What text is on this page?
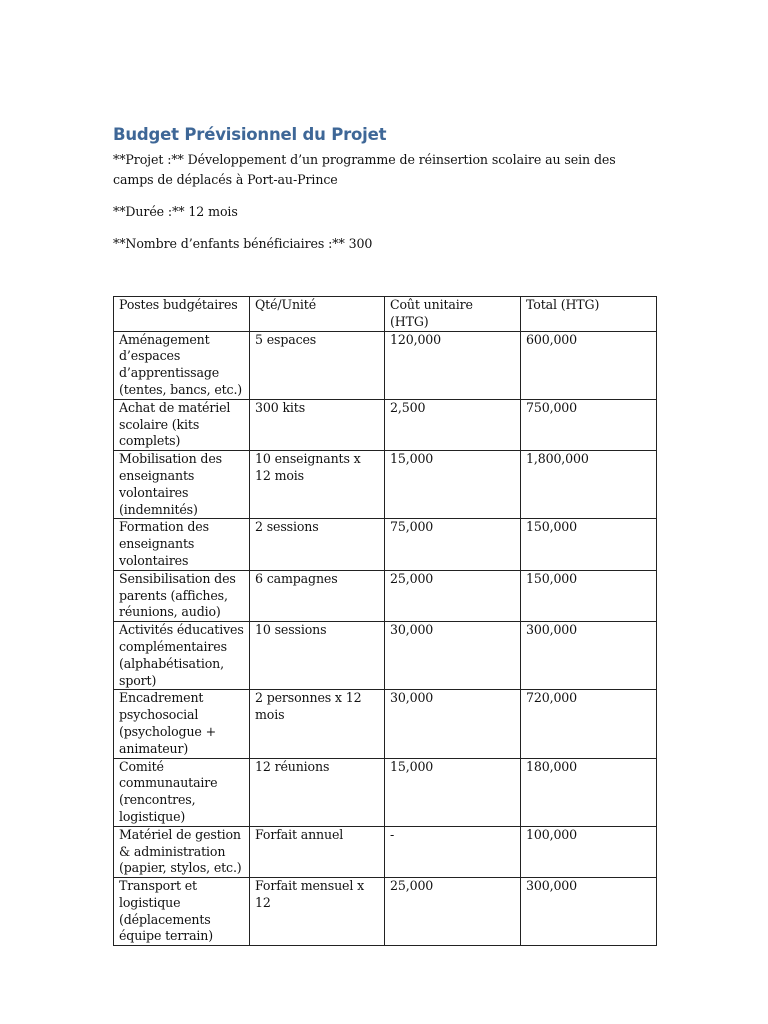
Budget Prévisionnel du Projet

**Projet :** Développement d’un programme de réinsertion scolaire au sein des camps de déplacés à Port-au-Prince

**Durée :** 12 mois

**Nombre d’enfants bénéficiaires :** 300

Postes budgétaires	Qté/Unité	Coût unitaire (HTG)	Total (HTG)
Aménagement d’espaces d’apprentissage (tentes, bancs, etc.)	5 espaces	120,000	600,000
Achat de matériel scolaire (kits complets)	300 kits	2,500	750,000
Mobilisation des enseignants volontaires (indemnités)	10 enseignants x 12 mois	15,000	1,800,000
Formation des enseignants volontaires	2 sessions	75,000	150,000
Sensibilisation des parents (affiches, réunions, audio)	6 campagnes	25,000	150,000
Activités éducatives complémentaires (alphabétisation, sport)	10 sessions	30,000	300,000
Encadrement psychosocial (psychologue + animateur)	2 personnes x 12 mois	30,000	720,000
Comité communautaire (rencontres, logistique)	12 réunions	15,000	180,000
Matériel de gestion & administration (papier, stylos, etc.)	Forfait annuel	-	100,000
Transport et logistique (déplacements équipe terrain)	Forfait mensuel x 12	25,000	300,000
